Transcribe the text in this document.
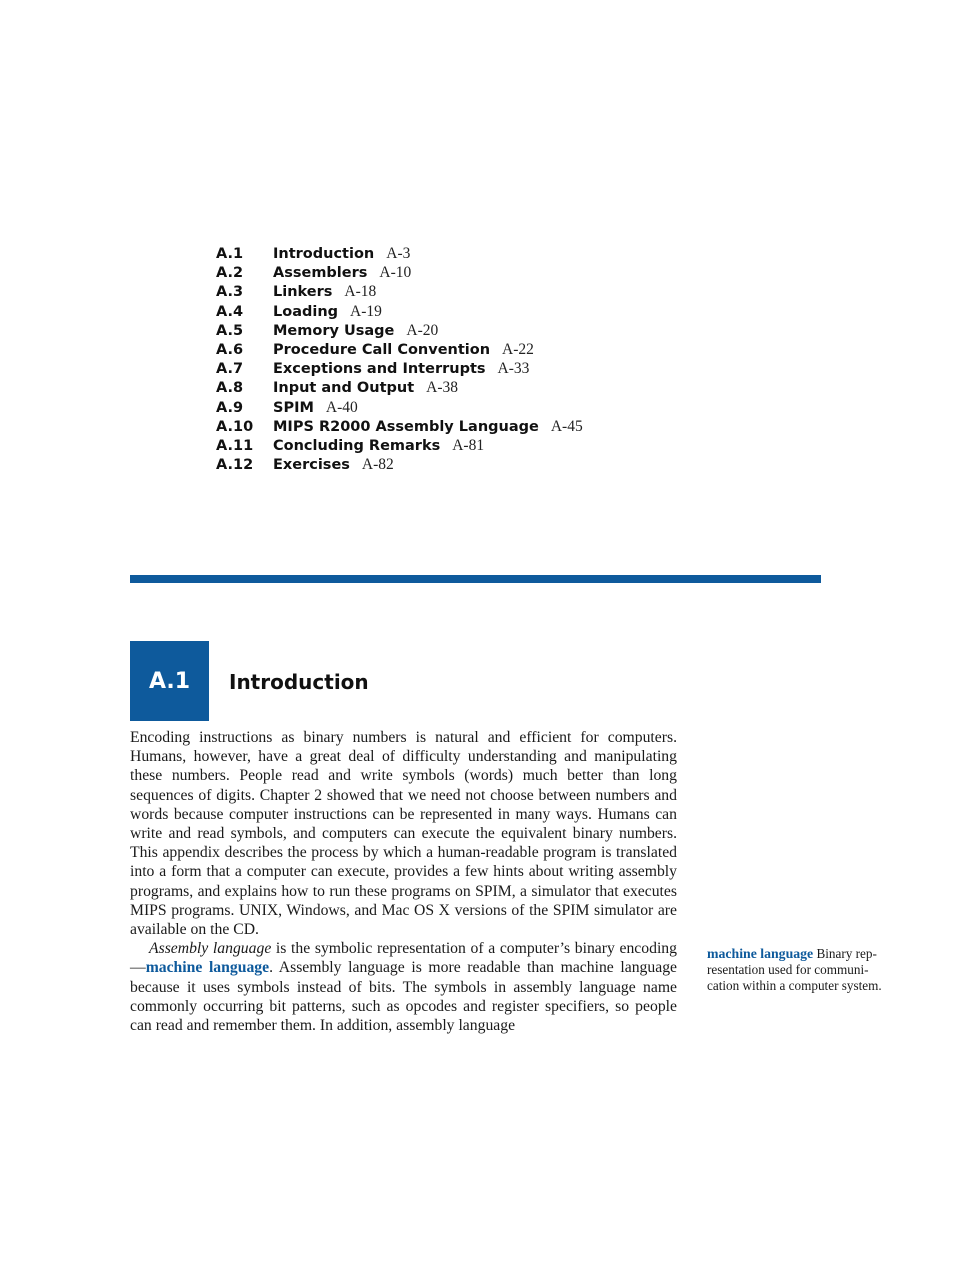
A.1	Introduction A-3
A.2	Assemblers A-10
A.3	Linkers A-18
A.4	Loading A-19
A.5	Memory Usage A-20
A.6	Procedure Call Convention A-22
A.7	Exceptions and Interrupts A-33
A.8	Input and Output A-38
A.9	SPIM A-40
A.10	MIPS R2000 Assembly Language A-45
A.11	Concluding Remarks A-81
A.12	Exercises A-82
A.1 Introduction

Encoding instructions as binary numbers is natural and efficient for computers. Humans, however, have a great deal of difficulty understanding and manipulating these numbers. People read and write symbols (words) much better than long sequences of digits. Chapter 2 showed that we need not choose between numbers and words because computer instructions can be represented in many ways. Humans can write and read symbols, and computers can execute the equivalent binary numbers. This appendix describes the process by which a human-readable program is translated into a form that a computer can execute, provides a few hints about writing assembly programs, and explains how to run these programs on SPIM, a simulator that executes MIPS programs. UNIX, Windows, and Mac OS X versions of the SPIM simulator are available on the CD.

Assembly language is the symbolic representation of a computer’s binary encoding—machine language. Assembly language is more readable than machine language because it uses symbols instead of bits. The symbols in assembly language name commonly occurring bit patterns, such as opcodes and register specifiers, so people can read and remember them. In addition, assembly language

machine language Binary representation used for communication within a computer system.
